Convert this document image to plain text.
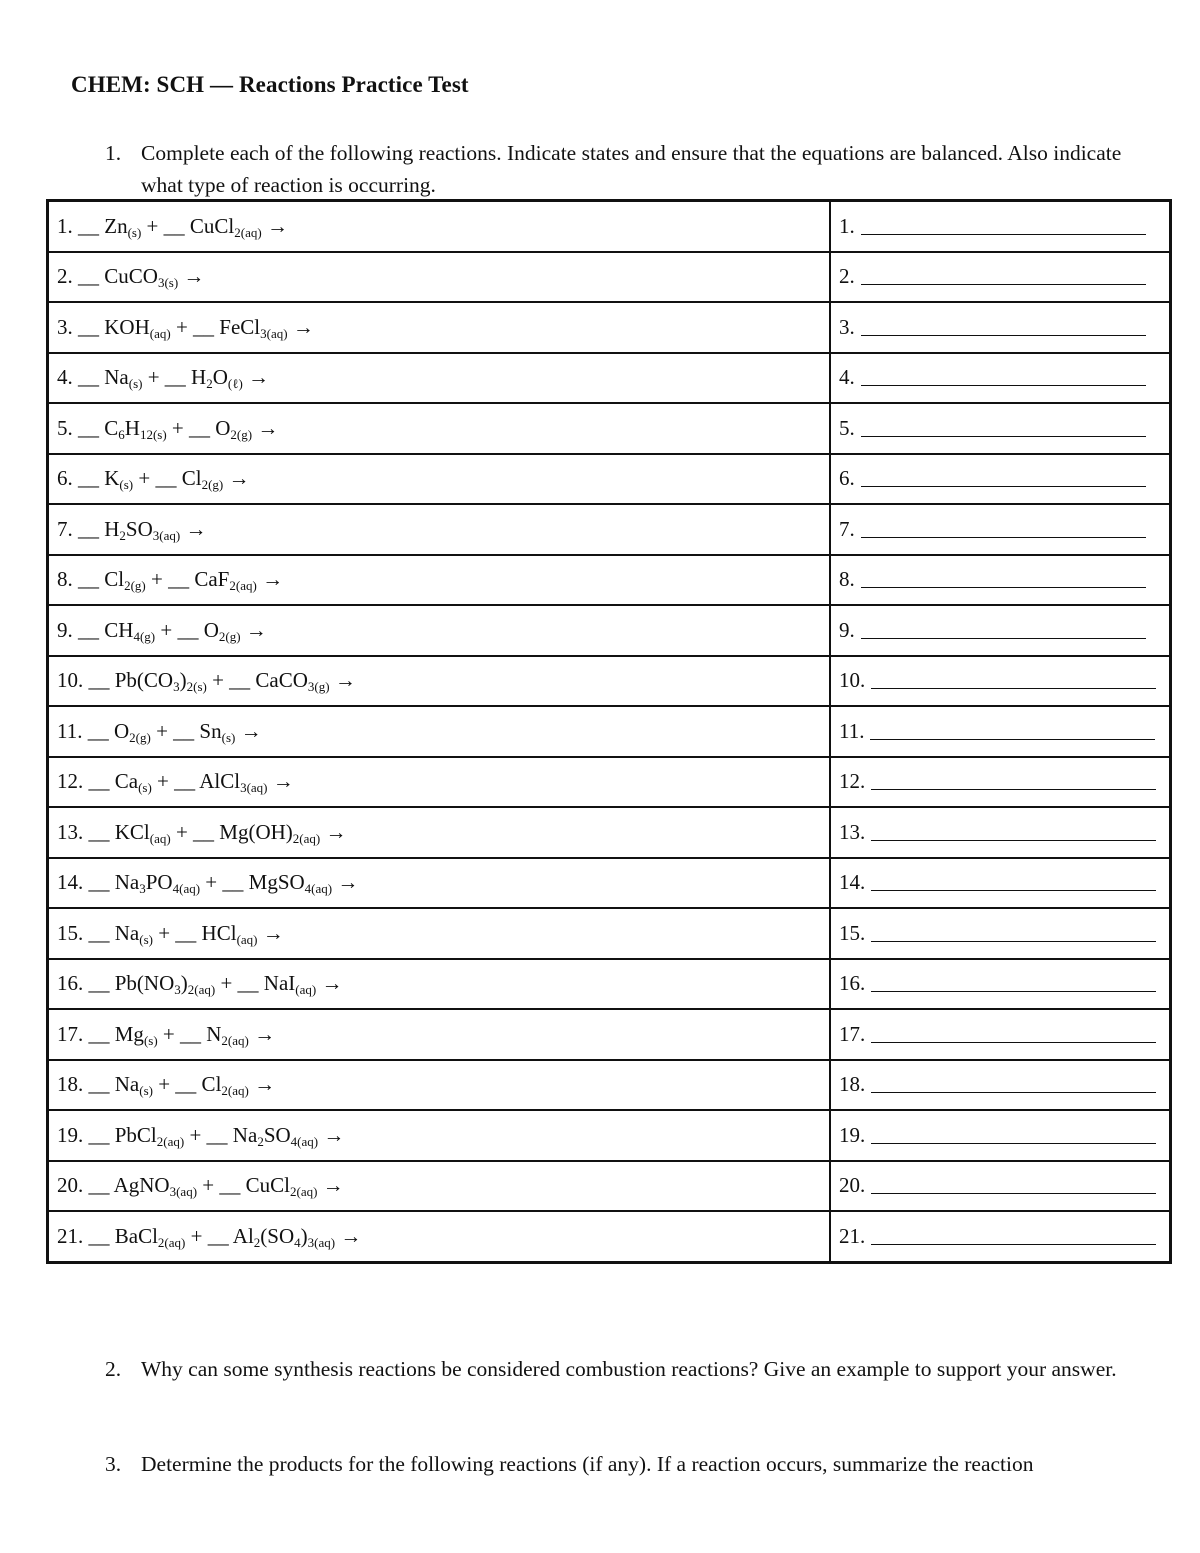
CHEM: SCH — Reactions Practice Test
1. Complete each of the following reactions. Indicate states and ensure that the equations are balanced. Also indicate what type of reaction is occurring.
1. __ $Zn_{(s)}$ + __ CuCl$_{2(aq)}$ →	1.
2. __ CuCO$_{3(s)}$ →	2.
3. __ $KOH_{(aq)}$ + __ FeCl$_{3(aq)}$ →	3.
4. __ $Na_{(s)}$ + __ $H_2O_{(\ell)}$ →	4.
5. __ $C_6H_{12(s)}$ + __ $O_{2(g)}$ →	5.
6. __ $K_{(s)}$ + __ $Cl_{2(g)}$ →	6.
7. __ $H_2SO_{3(aq)}$ →	7.
8. __ $Cl_{2(g)}$ + __ CaF$_{2(aq)}$ →	8.
9. __ $CH_{4(g)}$ + __ $O_{2(g)}$ →	9.
10. __ $Pb(CO_3)_{2(s)}$ + __ CaCO$_{3(g)}$ →	10.
11. __ $O_{2(g)}$ + __ $Sn_{(s)}$ →	11.
12. __ $Ca_{(s)}$ + __ AlCl$_{3(aq)}$ →	12.
13. __ KCl$_{(aq)}$ + __ $Mg(OH)_{2(aq)}$ →	13.
14. __ $Na_3PO_{4(aq)}$ + __ MgSO$_{4(aq)}$ →	14.
15. __ $Na_{(s)}$ + __ HCl$_{(aq)}$ →	15.
16. __ $Pb(NO_3)_{2(aq)}$ + __ NaI$_{(aq)}$ →	16.
17. __ $Mg_{(s)}$ + __ $N_{2(aq)}$ →	17.
18. __ $Na_{(s)}$ + __ $Cl_{2(aq)}$ →	18.
19. __ PbCl$_{2(aq)}$ + __ $Na_2SO_{4(aq)}$ →	19.
20. __ AgNO$_{3(aq)}$ + __ CuCl$_{2(aq)}$ →	20.
21. __ BaCl$_{2(aq)}$ + __ $Al_2(SO_4)_{3(aq)}$ →	21.
2. Why can some synthesis reactions be considered combustion reactions? Give an example to support your answer.
3. Determine the products for the following reactions (if any). If a reaction occurs, summarize the reaction
